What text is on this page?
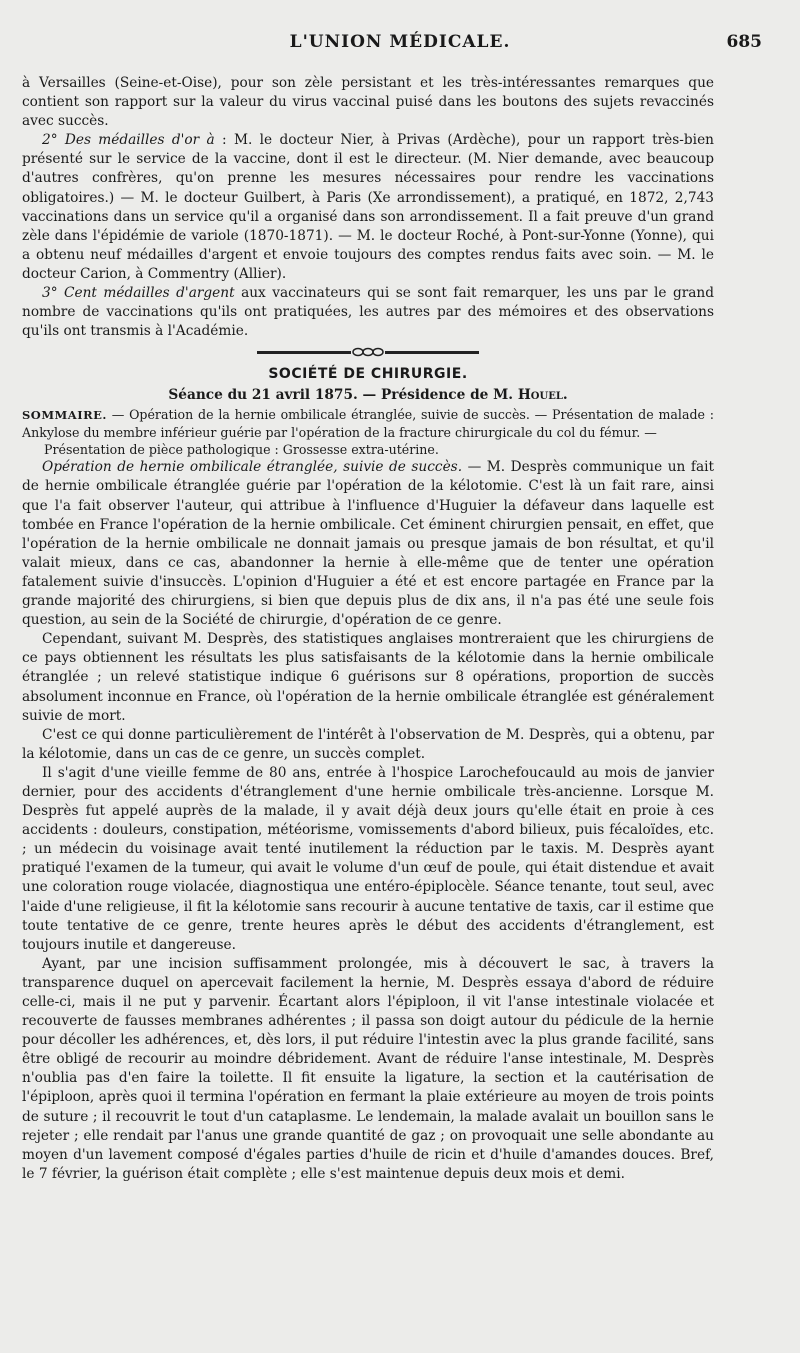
L'UNION MÉDICALE.	685

à Versailles (Seine-et-Oise), pour son zèle persistant et les très-intéressantes remarques que contient son rapport sur la valeur du virus vaccinal puisé dans les boutons des sujets revaccinés avec succès.

2° Des médailles d'or à : M. le docteur Nier, à Privas (Ardèche), pour un rapport très-bien présenté sur le service de la vaccine, dont il est le directeur. (M. Nier demande, avec beaucoup d'autres confrères, qu'on prenne les mesures nécessaires pour rendre les vaccinations obligatoires.) — M. le docteur Guilbert, à Paris (Xe arrondissement), a pratiqué, en 1872, 2,743 vaccinations dans un service qu'il a organisé dans son arrondissement. Il a fait preuve d'un grand zèle dans l'épidémie de variole (1870-1871). — M. le docteur Roché, à Pont-sur-Yonne (Yonne), qui a obtenu neuf médailles d'argent et envoie toujours des comptes rendus faits avec soin. — M. le docteur Carion, à Commentry (Allier).

3° Cent médailles d'argent aux vaccinateurs qui se sont fait remarquer, les uns par le grand nombre de vaccinations qu'ils ont pratiquées, les autres par des mémoires et des observations qu'ils ont transmis à l'Académie.

SOCIÉTÉ DE CHIRURGIE.

Séance du 21 avril 1875. — Présidence de M. Houel.

SOMMAIRE. — Opération de la hernie ombilicale étranglée, suivie de succès. — Présentation de malade : Ankylose du membre inférieur guérie par l'opération de la fracture chirurgicale du col du fémur. —
Présentation de pièce pathologique : Grossesse extra-utérine.

Opération de hernie ombilicale étranglée, suivie de succès. — M. Desprès communique un fait de hernie ombilicale étranglée guérie par l'opération de la kélotomie. C'est là un fait rare, ainsi que l'a fait observer l'auteur, qui attribue à l'influence d'Huguier la défaveur dans laquelle est tombée en France l'opération de la hernie ombilicale. Cet éminent chirurgien pensait, en effet, que l'opération de la hernie ombilicale ne donnait jamais ou presque jamais de bon résultat, et qu'il valait mieux, dans ce cas, abandonner la hernie à elle-même que de tenter une opération fatalement suivie d'insuccès. L'opinion d'Huguier a été et est encore partagée en France par la grande majorité des chirurgiens, si bien que depuis plus de dix ans, il n'a pas été une seule fois question, au sein de la Société de chirurgie, d'opération de ce genre.

Cependant, suivant M. Desprès, des statistiques anglaises montreraient que les chirurgiens de ce pays obtiennent les résultats les plus satisfaisants de la kélotomie dans la hernie ombilicale étranglée ; un relevé statistique indique 6 guérisons sur 8 opérations, proportion de succès absolument inconnue en France, où l'opération de la hernie ombilicale étranglée est généralement suivie de mort.

C'est ce qui donne particulièrement de l'intérêt à l'observation de M. Desprès, qui a obtenu, par la kélotomie, dans un cas de ce genre, un succès complet.

Il s'agit d'une vieille femme de 80 ans, entrée à l'hospice Larochefoucauld au mois de janvier dernier, pour des accidents d'étranglement d'une hernie ombilicale très-ancienne. Lorsque M. Desprès fut appelé auprès de la malade, il y avait déjà deux jours qu'elle était en proie à ces accidents : douleurs, constipation, météorisme, vomissements d'abord bilieux, puis fécaloïdes, etc. ; un médecin du voisinage avait tenté inutilement la réduction par le taxis. M. Desprès ayant pratiqué l'examen de la tumeur, qui avait le volume d'un œuf de poule, qui était distendue et avait une coloration rouge violacée, diagnostiqua une entéro-épiplocèle. Séance tenante, tout seul, avec l'aide d'une religieuse, il fit la kélotomie sans recourir à aucune tentative de taxis, car il estime que toute tentative de ce genre, trente heures après le début des accidents d'étranglement, est toujours inutile et dangereuse.

Ayant, par une incision suffisamment prolongée, mis à découvert le sac, à travers la transparence duquel on apercevait facilement la hernie, M. Desprès essaya d'abord de réduire celle-ci, mais il ne put y parvenir. Écartant alors l'épiploon, il vit l'anse intestinale violacée et recouverte de fausses membranes adhérentes ; il passa son doigt autour du pédicule de la hernie pour décoller les adhérences, et, dès lors, il put réduire l'intestin avec la plus grande facilité, sans être obligé de recourir au moindre débridement. Avant de réduire l'anse intestinale, M. Desprès n'oublia pas d'en faire la toilette. Il fit ensuite la ligature, la section et la cautérisation de l'épiploon, après quoi il termina l'opération en fermant la plaie extérieure au moyen de trois points de suture ; il recouvrit le tout d'un cataplasme. Le lendemain, la malade avalait un bouillon sans le rejeter ; elle rendait par l'anus une grande quantité de gaz ; on provoquait une selle abondante au moyen d'un lavement composé d'égales parties d'huile de ricin et d'huile d'amandes douces. Bref, le 7 février, la guérison était complète ; elle s'est maintenue depuis deux mois et demi.
